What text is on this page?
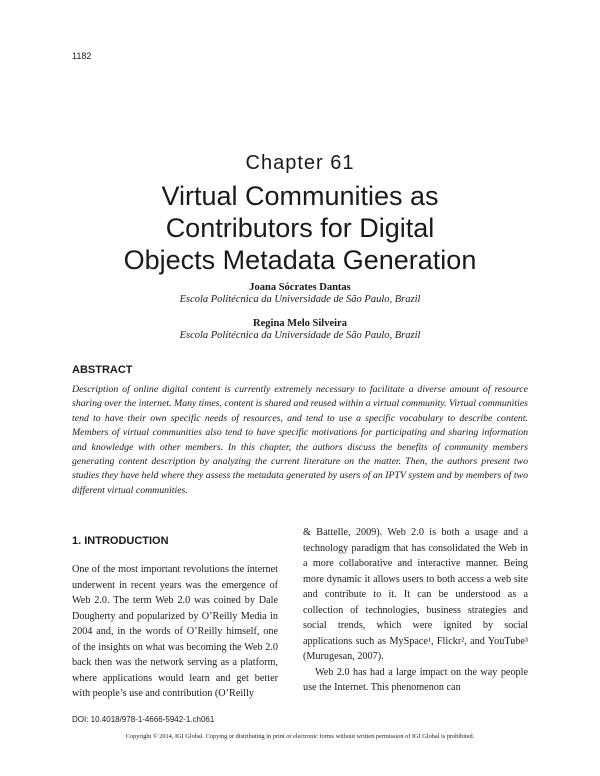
1182
Chapter 61
Virtual Communities as
Contributors for Digital
Objects Metadata Generation
Joana Sócrates Dantas
Escola Politécnica da Universidade de São Paulo, Brazil
Regina Melo Silveira
Escola Politécnica da Universidade de São Paulo, Brazil
ABSTRACT

Description of online digital content is currently extremely necessary to facilitate a diverse amount of resource sharing over the internet. Many times, content is shared and reused within a virtual community. Virtual communities tend to have their own specific needs of resources, and tend to use a specific vocabulary to describe content. Members of virtual communities also tend to have specific motivations for participating and sharing information and knowledge with other members. In this chapter, the authors discuss the benefits of community members generating content description by analyzing the current literature on the matter. Then, the authors present two studies they have held where they assess the metadata generated by users of an IPTV system and by members of two different virtual communities.

1. INTRODUCTION

One of the most important revolutions the internet underwent in recent years was the emergence of Web 2.0. The term Web 2.0 was coined by Dale Dougherty and popularized by O’Reilly Media in 2004 and, in the words of O’Reilly himself, one of the insights on what was becoming the Web 2.0 back then was the network serving as a platform, where applications would learn and get better with people’s use and contribution (O’Reilly

& Battelle, 2009). Web 2.0 is both a usage and a technology paradigm that has consolidated the Web in a more collaborative and interactive manner. Being more dynamic it allows users to both access a web site and contribute to it. It can be understood as a collection of technologies, business strategies and social trends, which were ignited by social applications such as MySpace¹, Flickr², and YouTube³ (Murugesan, 2007).

Web 2.0 has had a large impact on the way people use the Internet. This phenomenon can

DOI: 10.4018/978-1-4666-5942-1.ch061
Copyright © 2014, IGI Global. Copying or distributing in print or electronic forms without written permission of IGI Global is prohibited.
